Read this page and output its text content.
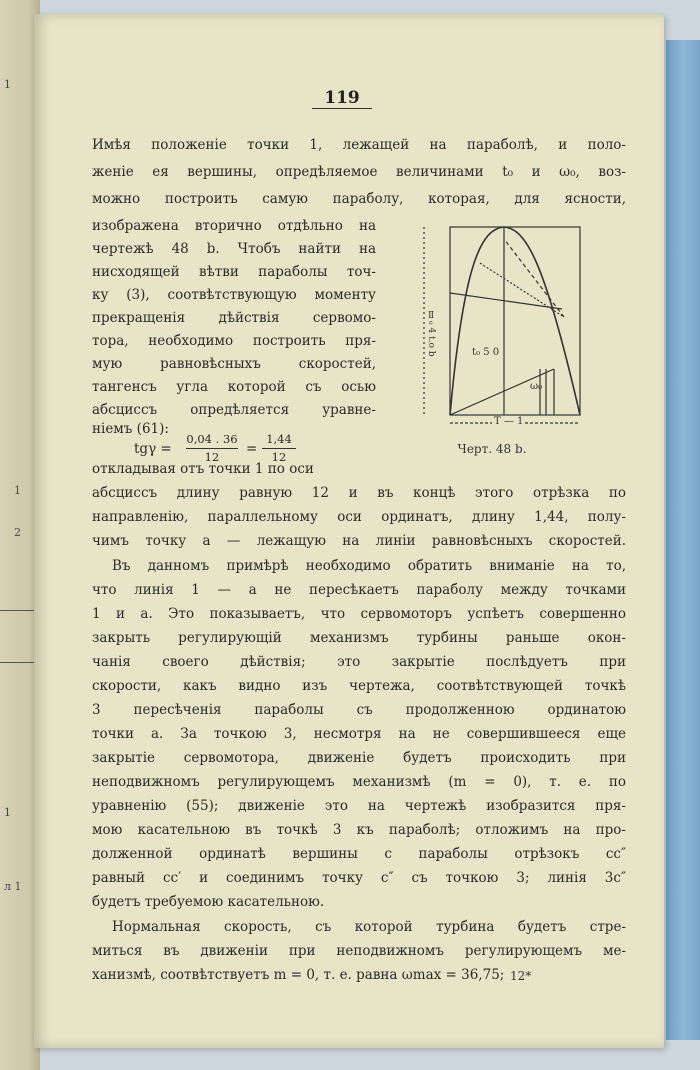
1
1
2
1
л 1
119
Имѣя положеніе точки 1, лежащей на параболѣ, и поло-
женіе ея вершины, опредѣляемое величинами t₀ и ω₀, воз-
можно построить самую параболу, которая, для ясности,
изображена вторично отдѣльно на
чертежѣ 48 b. Чтобъ найти на
нисходящей вѣтви параболы точ-
ку (3), соотвѣтствующую моменту
прекращенія дѣйствія сервомо-
тора, необходимо построить пря-
мую равновѣсныхъ скоростей,
тангенсъ угла которой съ осью
абсциссъ опредѣляется уравне-
ніемъ (61):
tgγ =
0,04 . 36
12	=
1,44
12
Ⅱ₀ 4 t.o b	t₀ 5 0
ω₀
T — 1
Черт. 48 b.
откладывая отъ точки 1 по оси
абсциссъ длину равную 12 и въ концѣ этого отрѣзка по
направленію, параллельному оси ординатъ, длину 1,44, полу-
чимъ точку a — лежащую на линіи равновѣсныхъ скоростей.
Въ данномъ примѣрѣ необходимо обратить вниманіе на то,
что линія 1 — a не пересѣкаетъ параболу между точками
1 и a. Это показываетъ, что сервомоторъ успѣетъ совершенно
закрыть регулирующій механизмъ турбины раньше окон-
чанія своего дѣйствія; это закрытіе послѣдуетъ при
скорости, какъ видно изъ чертежа, соотвѣтствующей точкѣ
3 пересѣченія параболы съ продолженною ординатою
точки a. За точкою 3, несмотря на не совершившееся еще
закрытіе сервомотора, движеніе будетъ происходить при
неподвижномъ регулирующемъ механизмѣ (m = 0), т. е. по
уравненію (55); движеніе это на чертежѣ изобразится пря-
мою касательною въ точкѣ 3 къ параболѣ; отложимъ на про-
долженной ординатѣ вершины c параболы отрѣзокъ cc″
равный cc′ и соединимъ точку c″ съ точкою 3; линія 3c″
будетъ требуемою касательною.
Нормальная скорость, съ которой турбина будетъ стре-
миться въ движеніи при неподвижномъ регулирующемъ ме-
ханизмѣ, соотвѣтствуетъ m = 0, т. е. равна ωmax = 36,75; 12*
